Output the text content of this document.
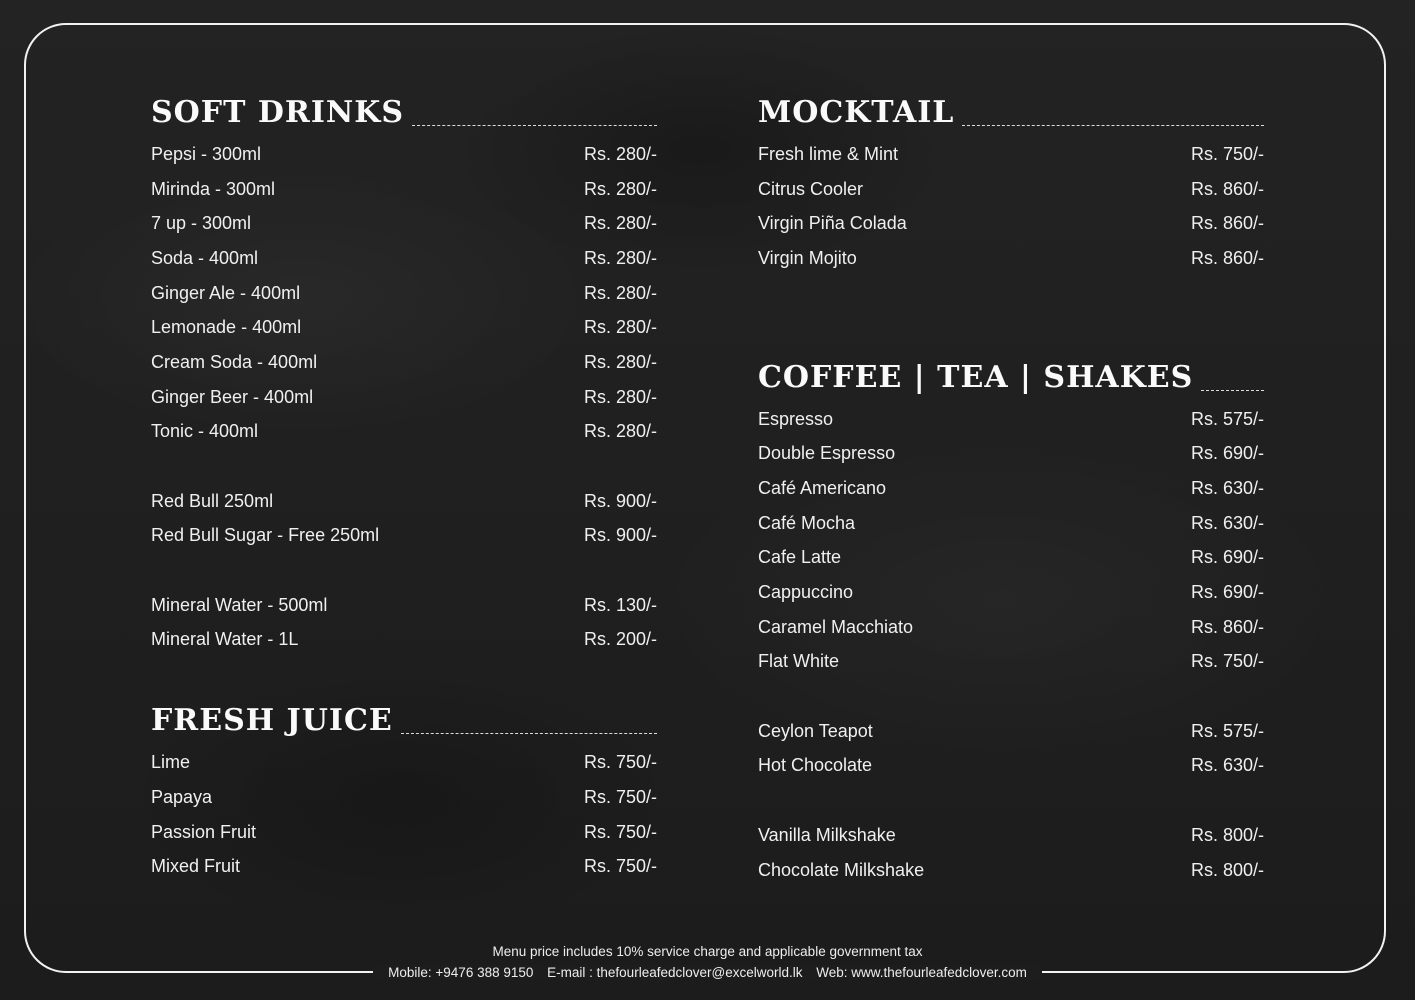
SOFT DRINKS
Pepsi - 300ml	Rs. 280/-
Mirinda - 300ml	Rs. 280/-
7 up - 300ml	Rs. 280/-
Soda - 400ml	Rs. 280/-
Ginger Ale - 400ml	Rs. 280/-
Lemonade - 400ml	Rs. 280/-
Cream Soda - 400ml	Rs. 280/-
Ginger Beer - 400ml	Rs. 280/-
Tonic - 400ml	Rs. 280/-
Red Bull 250ml	Rs. 900/-
Red Bull Sugar - Free 250ml	Rs. 900/-
Mineral Water - 500ml	Rs. 130/-
Mineral Water - 1L	Rs. 200/-
FRESH JUICE
Lime	Rs. 750/-
Papaya	Rs. 750/-
Passion Fruit	Rs. 750/-
Mixed Fruit	Rs. 750/-
MOCKTAIL
Fresh lime & Mint	Rs. 750/-
Citrus Cooler	Rs. 860/-
Virgin Piña Colada	Rs. 860/-
Virgin Mojito	Rs. 860/-
COFFEE | TEA | SHAKES
Espresso	Rs. 575/-
Double Espresso	Rs. 690/-
Café Americano	Rs. 630/-
Café Mocha	Rs. 630/-
Cafe Latte	Rs. 690/-
Cappuccino	Rs. 690/-
Caramel Macchiato	Rs. 860/-
Flat White	Rs. 750/-
Ceylon Teapot	Rs. 575/-
Hot Chocolate	Rs. 630/-
Vanilla Milkshake	Rs. 800/-
Chocolate Milkshake	Rs. 800/-
Menu price includes 10% service charge and applicable government tax
Mobile: +9476 388 9150 E-mail : thefourleafedclover@excelworld.lk Web: www.thefourleafedclover.com
